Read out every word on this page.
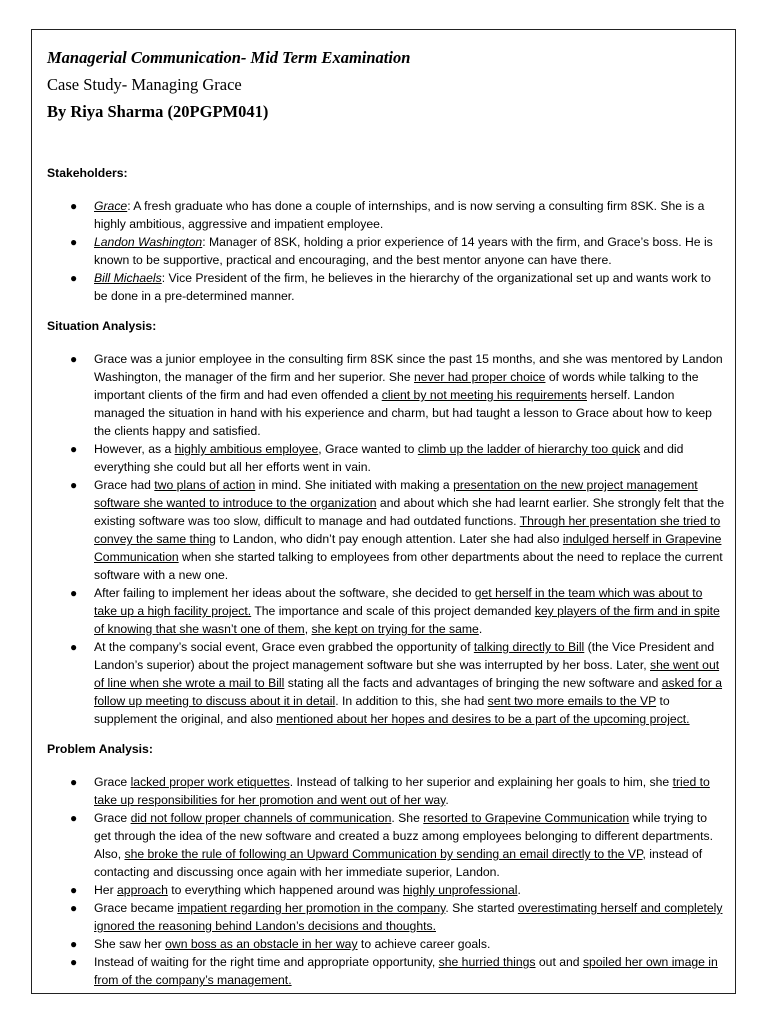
Managerial Communication- Mid Term Examination
Case Study- Managing Grace
By Riya Sharma (20PGPM041)
Stakeholders:
● Grace: A fresh graduate who has done a couple of internships, and is now serving a consulting firm 8SK. She is a highly ambitious, aggressive and impatient employee.
● Landon Washington: Manager of 8SK, holding a prior experience of 14 years with the firm, and Grace’s boss. He is known to be supportive, practical and encouraging, and the best mentor anyone can have there.
● Bill Michaels: Vice President of the firm, he believes in the hierarchy of the organizational set up and wants work to be done in a pre-determined manner.
Situation Analysis:
● Grace was a junior employee in the consulting firm 8SK since the past 15 months, and she was mentored by Landon Washington, the manager of the firm and her superior. She never had proper choice of words while talking to the important clients of the firm and had even offended a client by not meeting his requirements herself. Landon managed the situation in hand with his experience and charm, but had taught a lesson to Grace about how to keep the clients happy and satisfied.
● However, as a highly ambitious employee, Grace wanted to climb up the ladder of hierarchy too quick and did everything she could but all her efforts went in vain.
● Grace had two plans of action in mind. She initiated with making a presentation on the new project management software she wanted to introduce to the organization and about which she had learnt earlier. She strongly felt that the existing software was too slow, difficult to manage and had outdated functions. Through her presentation she tried to convey the same thing to Landon, who didn’t pay enough attention. Later she had also indulged herself in Grapevine Communication when she started talking to employees from other departments about the need to replace the current software with a new one.
● After failing to implement her ideas about the software, she decided to get herself in the team which was about to take up a high facility project. The importance and scale of this project demanded key players of the firm and in spite of knowing that she wasn’t one of them, she kept on trying for the same.
● At the company’s social event, Grace even grabbed the opportunity of talking directly to Bill (the Vice President and Landon’s superior) about the project management software but she was interrupted by her boss. Later, she went out of line when she wrote a mail to Bill stating all the facts and advantages of bringing the new software and asked for a follow up meeting to discuss about it in detail. In addition to this, she had sent two more emails to the VP to supplement the original, and also mentioned about her hopes and desires to be a part of the upcoming project.
Problem Analysis:
● Grace lacked proper work etiquettes. Instead of talking to her superior and explaining her goals to him, she tried to take up responsibilities for her promotion and went out of her way.
● Grace did not follow proper channels of communication. She resorted to Grapevine Communication while trying to get through the idea of the new software and created a buzz among employees belonging to different departments. Also, she broke the rule of following an Upward Communication by sending an email directly to the VP, instead of contacting and discussing once again with her immediate superior, Landon.
● Her approach to everything which happened around was highly unprofessional.
● Grace became impatient regarding her promotion in the company. She started overestimating herself and completely ignored the reasoning behind Landon’s decisions and thoughts.
● She saw her own boss as an obstacle in her way to achieve career goals.
● Instead of waiting for the right time and appropriate opportunity, she hurried things out and spoiled her own image in from of the company’s management.
